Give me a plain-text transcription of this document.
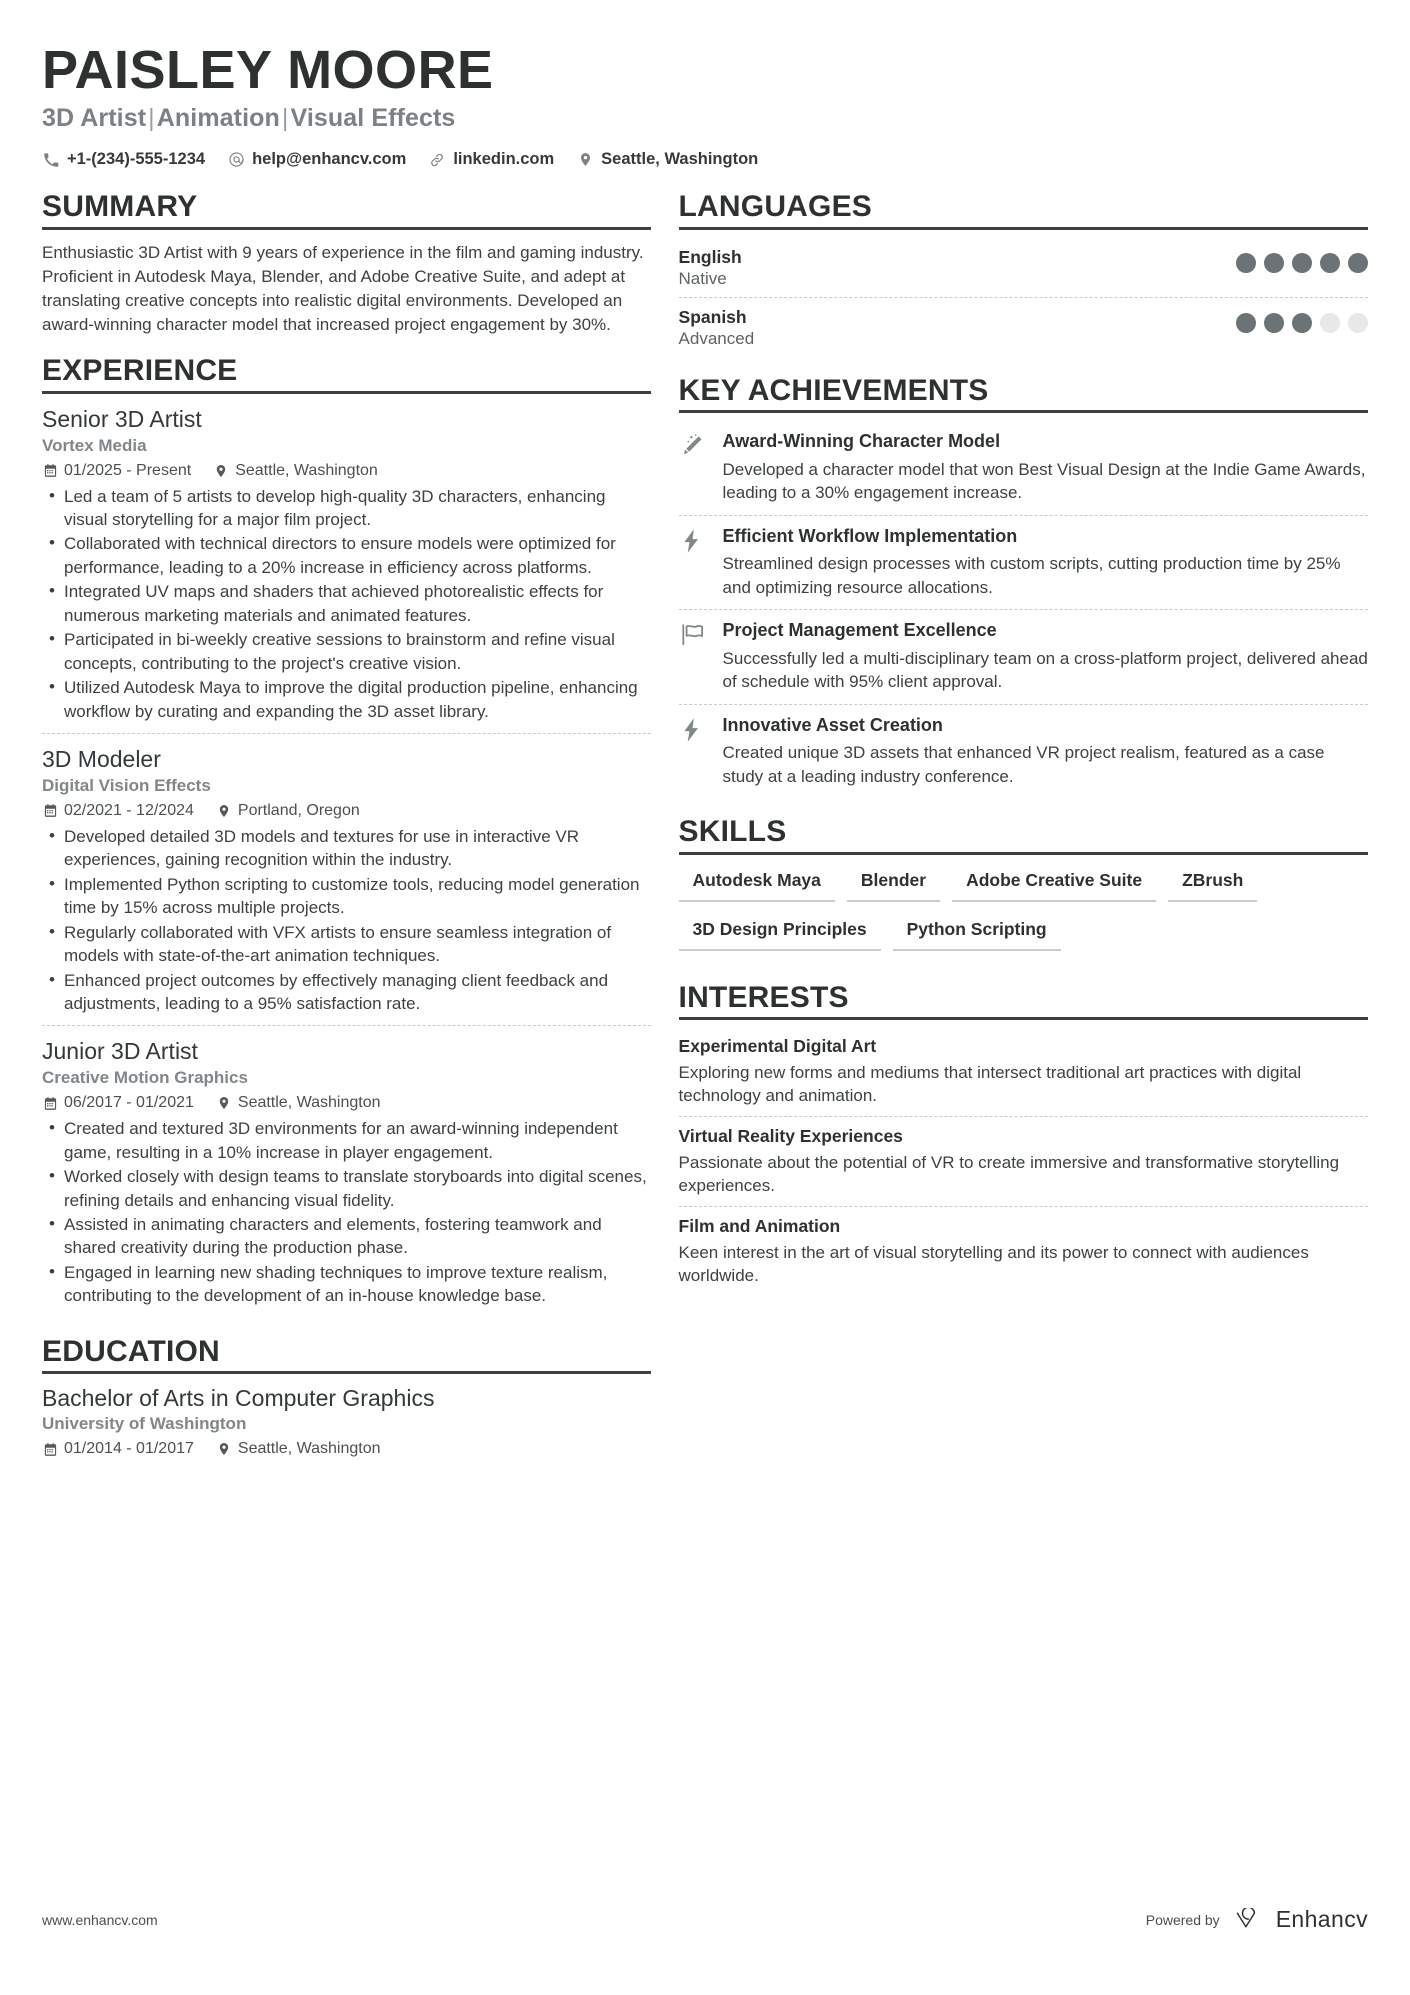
PAISLEY MOORE
3D Artist|Animation|Visual Effects
+1-(234)-555-1234	help@enhancv.com	linkedin.com	Seattle, Washington
SUMMARY
Enthusiastic 3D Artist with 9 years of experience in the film and gaming industry. Proficient in Autodesk Maya, Blender, and Adobe Creative Suite, and adept at translating creative concepts into realistic digital environments. Developed an award-winning character model that increased project engagement by 30%.
EXPERIENCE
Senior 3D Artist
Vortex Media
01/2025 - Present	Seattle, Washington
• Led a team of 5 artists to develop high-quality 3D characters, enhancing visual storytelling for a major film project.
• Collaborated with technical directors to ensure models were optimized for performance, leading to a 20% increase in efficiency across platforms.
• Integrated UV maps and shaders that achieved photorealistic effects for numerous marketing materials and animated features.
• Participated in bi-weekly creative sessions to brainstorm and refine visual concepts, contributing to the project's creative vision.
• Utilized Autodesk Maya to improve the digital production pipeline, enhancing workflow by curating and expanding the 3D asset library.
3D Modeler
Digital Vision Effects
02/2021 - 12/2024	Portland, Oregon
• Developed detailed 3D models and textures for use in interactive VR experiences, gaining recognition within the industry.
• Implemented Python scripting to customize tools, reducing model generation time by 15% across multiple projects.
• Regularly collaborated with VFX artists to ensure seamless integration of models with state-of-the-art animation techniques.
• Enhanced project outcomes by effectively managing client feedback and adjustments, leading to a 95% satisfaction rate.
Junior 3D Artist
Creative Motion Graphics
06/2017 - 01/2021	Seattle, Washington
• Created and textured 3D environments for an award-winning independent game, resulting in a 10% increase in player engagement.
• Worked closely with design teams to translate storyboards into digital scenes, refining details and enhancing visual fidelity.
• Assisted in animating characters and elements, fostering teamwork and shared creativity during the production phase.
• Engaged in learning new shading techniques to improve texture realism, contributing to the development of an in-house knowledge base.
EDUCATION
Bachelor of Arts in Computer Graphics
University of Washington
01/2014 - 01/2017	Seattle, Washington
LANGUAGES
English
Native
Spanish
Advanced
KEY ACHIEVEMENTS
Award-Winning Character Model
Developed a character model that won Best Visual Design at the Indie Game Awards, leading to a 30% engagement increase.
Efficient Workflow Implementation
Streamlined design processes with custom scripts, cutting production time by 25% and optimizing resource allocations.
Project Management Excellence
Successfully led a multi-disciplinary team on a cross-platform project, delivered ahead of schedule with 95% client approval.
Innovative Asset Creation
Created unique 3D assets that enhanced VR project realism, featured as a case study at a leading industry conference.
SKILLS
Autodesk Maya	Blender	Adobe Creative Suite	ZBrush
3D Design Principles	Python Scripting
INTERESTS
Experimental Digital Art
Exploring new forms and mediums that intersect traditional art practices with digital technology and animation.
Virtual Reality Experiences
Passionate about the potential of VR to create immersive and transformative storytelling experiences.
Film and Animation
Keen interest in the art of visual storytelling and its power to connect with audiences worldwide.
www.enhancv.com	Powered by Enhancv
